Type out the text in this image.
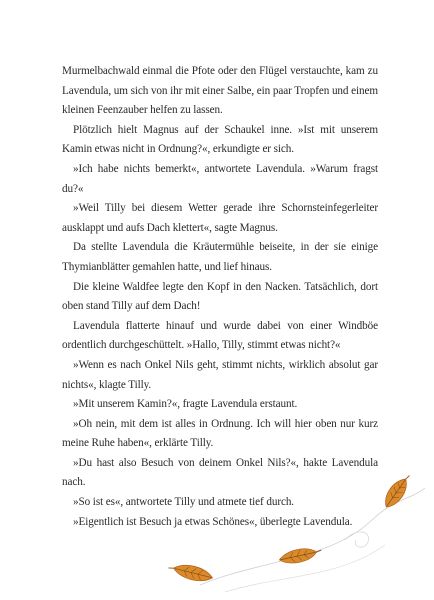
Murmelbachwald einmal die Pfote oder den Flügel verstauchte, kam zu Lavendula, um sich von ihr mit einer Salbe, ein paar Tropfen und einem kleinen Feenzauber helfen zu lassen.

Plötzlich hielt Magnus auf der Schaukel inne. »Ist mit unserem Kamin etwas nicht in Ordnung?«, erkundigte er sich.

»Ich habe nichts bemerkt«, antwortete Lavendula. »Warum fragst du?«

»Weil Tilly bei diesem Wetter gerade ihre Schornsteinfegerleiter ausklappt und aufs Dach klettert«, sagte Magnus.

Da stellte Lavendula die Kräutermühle beiseite, in der sie einige Thymianblätter gemahlen hatte, und lief hinaus.

Die kleine Waldfee legte den Kopf in den Nacken. Tatsächlich, dort oben stand Tilly auf dem Dach!

Lavendula flatterte hinauf und wurde dabei von einer Windböe ordentlich durchgeschüttelt. »Hallo, Tilly, stimmt etwas nicht?«

»Wenn es nach Onkel Nils geht, stimmt nichts, wirklich absolut gar nichts«, klagte Tilly.

»Mit unserem Kamin?«, fragte Lavendula erstaunt.

»Oh nein, mit dem ist alles in Ordnung. Ich will hier oben nur kurz meine Ruhe haben«, erklärte Tilly.

»Du hast also Besuch von deinem Onkel Nils?«, hakte Lavendula nach.

»So ist es«, antwortete Tilly und atmete tief durch.

»Eigentlich ist Besuch ja etwas Schönes«, überlegte Lavendula.
